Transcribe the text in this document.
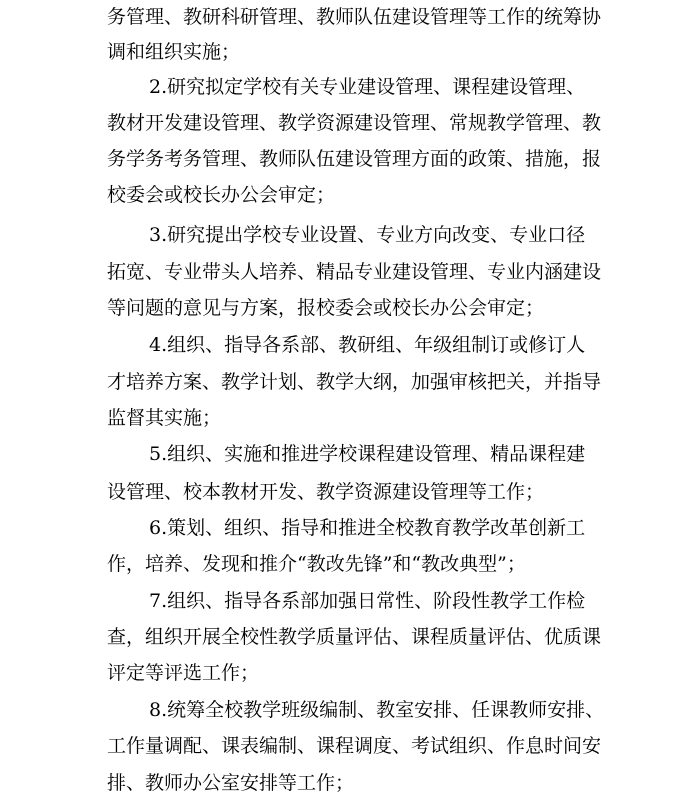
务管理、教研科研管理、教师队伍建设管理等工作的统筹协
调和组织实施；
2.研究拟定学校有关专业建设管理、课程建设管理、
教材开发建设管理、教学资源建设管理、常规教学管理、教
务学务考务管理、教师队伍建设管理方面的政策、措施，报
校委会或校长办公会审定；
3.研究提出学校专业设置、专业方向改变、专业口径
拓宽、专业带头人培养、精品专业建设管理、专业内涵建设
等问题的意见与方案，报校委会或校长办公会审定；
4.组织、指导各系部、教研组、年级组制订或修订人
才培养方案、教学计划、教学大纲，加强审核把关，并指导
监督其实施；
5.组织、实施和推进学校课程建设管理、精品课程建
设管理、校本教材开发、教学资源建设管理等工作；
6.策划、组织、指导和推进全校教育教学改革创新工
作，培养、发现和推介“教改先锋”和“教改典型”；
7.组织、指导各系部加强日常性、阶段性教学工作检
查，组织开展全校性教学质量评估、课程质量评估、优质课
评定等评选工作；
8.统筹全校教学班级编制、教室安排、任课教师安排、
工作量调配、课表编制、课程调度、考试组织、作息时间安
排、教师办公室安排等工作；
